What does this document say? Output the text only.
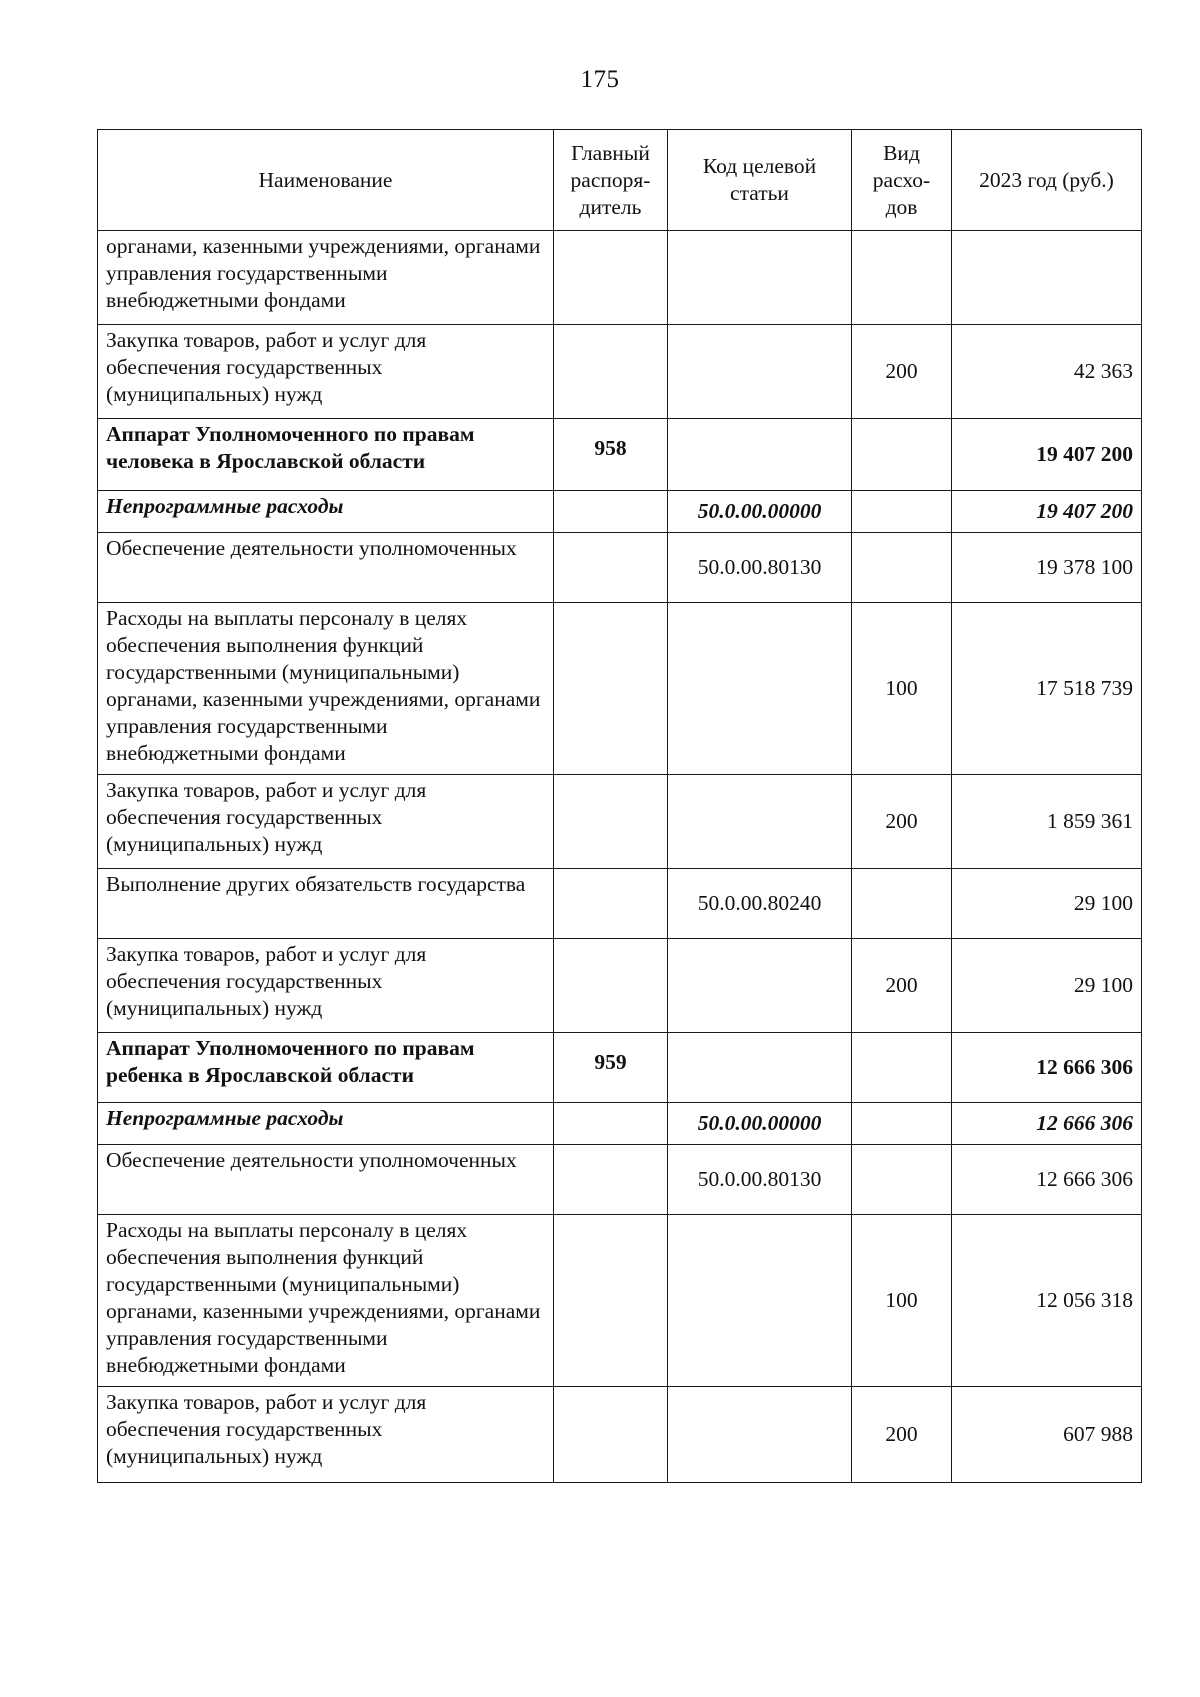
175
Наименование	Главный распоря-дитель	Код целевой статьи	Вид расхо-дов	2023 год (руб.)
органами, казенными учреждениями, органами управления государственными внебюджетными фондами				
Закупка товаров, работ и услуг для обеспечения государственных (муниципальных) нужд			200	42 363
Аппарат Уполномоченного по правам человека в Ярославской области	958			19 407 200
Непрограммные расходы		50.0.00.00000		19 407 200
Обеспечение деятельности уполномоченных		50.0.00.80130		19 378 100
Расходы на выплаты персоналу в целях обеспечения выполнения функций государственными (муниципальными) органами, казенными учреждениями, органами управления государственными внебюджетными фондами			100	17 518 739
Закупка товаров, работ и услуг для обеспечения государственных (муниципальных) нужд			200	1 859 361
Выполнение других обязательств государства		50.0.00.80240		29 100
Закупка товаров, работ и услуг для обеспечения государственных (муниципальных) нужд			200	29 100
Аппарат Уполномоченного по правам ребенка в Ярославской области	959			12 666 306
Непрограммные расходы		50.0.00.00000		12 666 306
Обеспечение деятельности уполномоченных		50.0.00.80130		12 666 306
Расходы на выплаты персоналу в целях обеспечения выполнения функций государственными (муниципальными) органами, казенными учреждениями, органами управления государственными внебюджетными фондами			100	12 056 318
Закупка товаров, работ и услуг для обеспечения государственных (муниципальных) нужд			200	607 988
